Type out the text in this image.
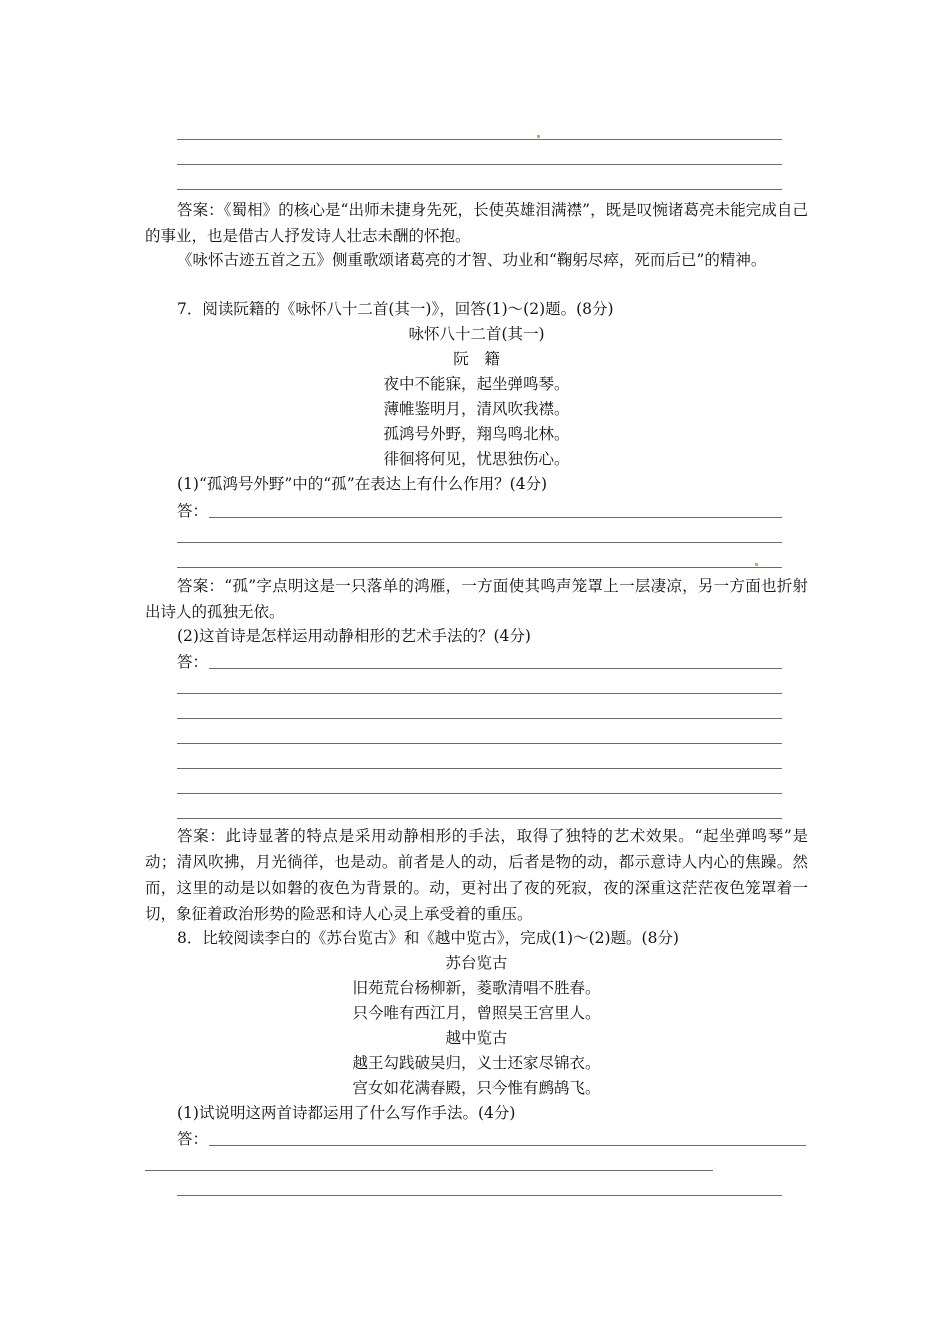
答案：《蜀相》的核心是“出师未捷身先死，长使英雄泪满襟”，既是叹惋诸葛亮未能完成自己的事业，也是借古人抒发诗人壮志未酬的怀抱。

《咏怀古迹五首之五》侧重歌颂诸葛亮的才智、功业和“鞠躬尽瘁，死而后已”的精神。

7．阅读阮籍的《咏怀八十二首(其一)》，回答(1)～(2)题。(8分)
咏怀八十二首(其一)
阮　籍
夜中不能寐，起坐弹鸣琴。
薄帷鉴明月，清风吹我襟。
孤鸿号外野，翔鸟鸣北林。
徘徊将何见，忧思独伤心。
(1)“孤鸿号外野”中的“孤”在表达上有什么作用？(4分)
答：

答案：“孤”字点明这是一只落单的鸿雁，一方面使其鸣声笼罩上一层凄凉，另一方面也折射出诗人的孤独无依。

(2)这首诗是怎样运用动静相形的艺术手法的？(4分)
答：

答案：此诗显著的特点是采用动静相形的手法，取得了独特的艺术效果。“起坐弹鸣琴”是动；清风吹拂，月光徜徉，也是动。前者是人的动，后者是物的动，都示意诗人内心的焦躁。然而，这里的动是以如磐的夜色为背景的。动，更衬出了夜的死寂，夜的深重这茫茫夜色笼罩着一切，象征着政治形势的险恶和诗人心灵上承受着的重压。

8．比较阅读李白的《苏台览古》和《越中览古》，完成(1)～(2)题。(8分)
苏台览古
旧苑荒台杨柳新，菱歌清唱不胜春。
只今唯有西江月，曾照吴王宫里人。
越中览古
越王勾践破吴归，义士还家尽锦衣。
宫女如花满春殿，只今惟有鹧鸪飞。
(1)试说明这两首诗都运用了什么写作手法。(4分)
答：
